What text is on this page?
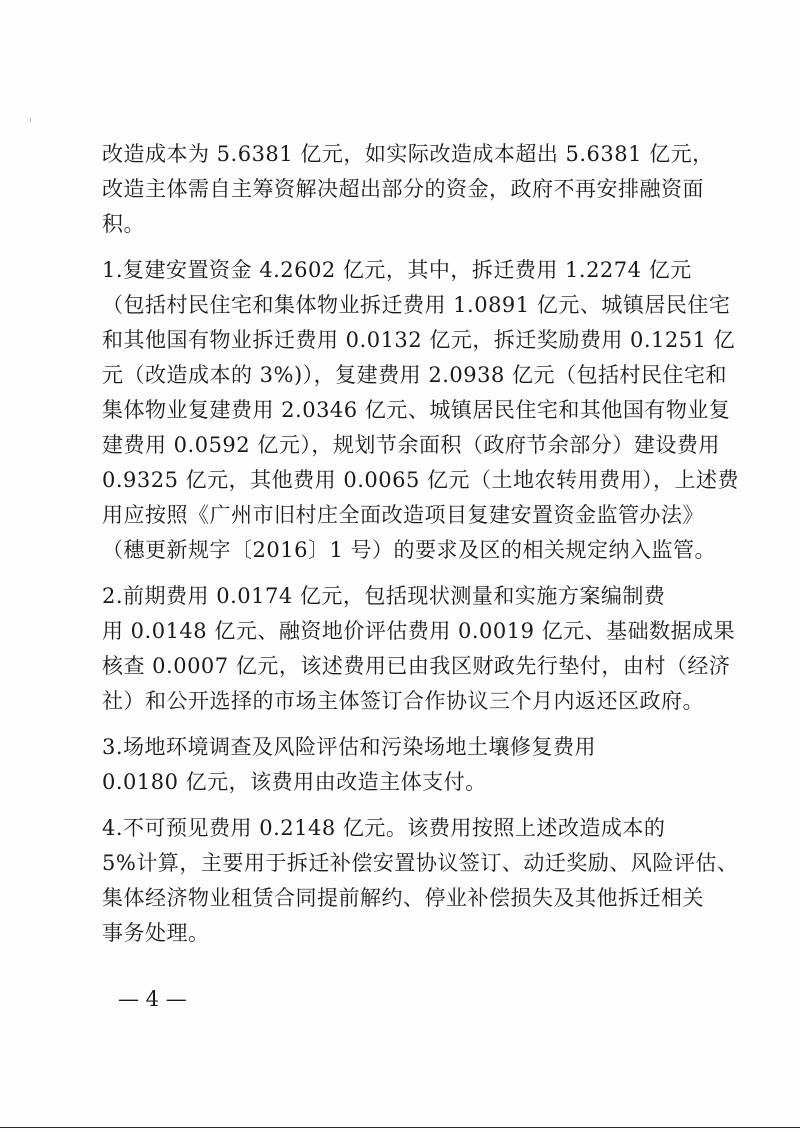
改造成本为 5.6381 亿元，如实际改造成本超出 5.6381 亿元，
改造主体需自主筹资解决超出部分的资金，政府不再安排融资面
积。
1.复建安置资金 4.2602 亿元，其中，拆迁费用 1.2274 亿元
（包括村民住宅和集体物业拆迁费用 1.0891 亿元、城镇居民住宅
和其他国有物业拆迁费用 0.0132 亿元，拆迁奖励费用 0.1251 亿
元（改造成本的 3%)），复建费用 2.0938 亿元（包括村民住宅和
集体物业复建费用 2.0346 亿元、城镇居民住宅和其他国有物业复
建费用 0.0592 亿元），规划节余面积（政府节余部分）建设费用
0.9325 亿元，其他费用 0.0065 亿元（土地农转用费用），上述费
用应按照《广州市旧村庄全面改造项目复建安置资金监管办法》
（穗更新规字〔2016〕1 号）的要求及区的相关规定纳入监管。
2.前期费用 0.0174 亿元，包括现状测量和实施方案编制费
用 0.0148 亿元、融资地价评估费用 0.0019 亿元、基础数据成果
核查 0.0007 亿元，该述费用已由我区财政先行垫付，由村（经济
社）和公开选择的市场主体签订合作协议三个月内返还区政府。
3.场地环境调查及风险评估和污染场地土壤修复费用
0.0180 亿元，该费用由改造主体支付。
4.不可预见费用 0.2148 亿元。该费用按照上述改造成本的
5%计算，主要用于拆迁补偿安置协议签订、动迁奖励、风险评估、
集体经济物业租赁合同提前解约、停业补偿损失及其他拆迁相关
事务处理。
— 4 —
